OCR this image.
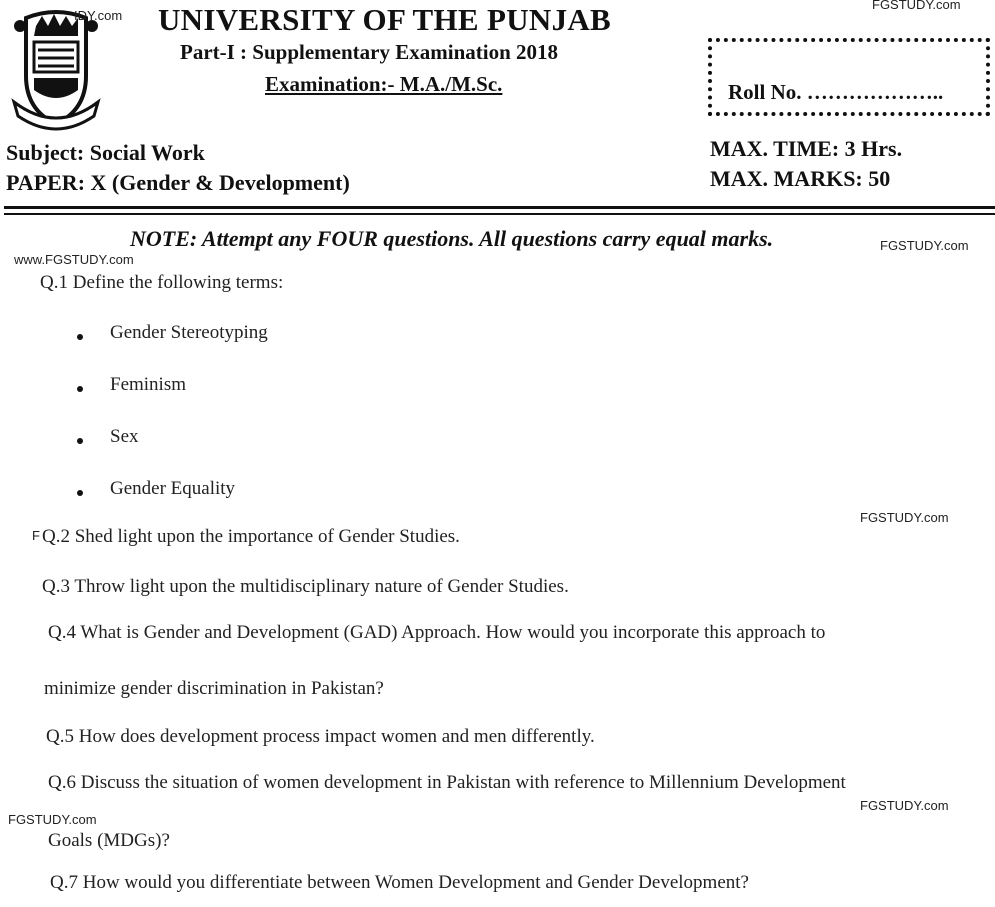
IDY.com
FGSTUDY.com
UNIVERSITY OF THE PUNJAB
Part-I : Supplementary Examination 2018
Examination:- M.A./M.Sc.	Roll No. ………………..
Subject: Social Work
PAPER: X (Gender & Development)
MAX. TIME: 3 Hrs.
MAX. MARKS: 50
NOTE: Attempt any FOUR questions. All questions carry equal marks.	FGSTUDY.com
www.FGSTUDY.com
Q.1 Define the following terms:
Gender Stereotyping
Feminism
Sex
Gender Equality
FGSTUDY.com
F Q.2 Shed light upon the importance of Gender Studies.
Q.3 Throw light upon the multidisciplinary nature of Gender Studies.
Q.4 What is Gender and Development (GAD) Approach. How would you incorporate this approach to
minimize gender discrimination in Pakistan?
Q.5 How does development process impact women and men differently.
Q.6 Discuss the situation of women development in Pakistan with reference to Millennium Development
FGSTUDY.com
FGSTUDY.com
Goals (MDGs)?
Q.7 How would you differentiate between Women Development and Gender Development?
